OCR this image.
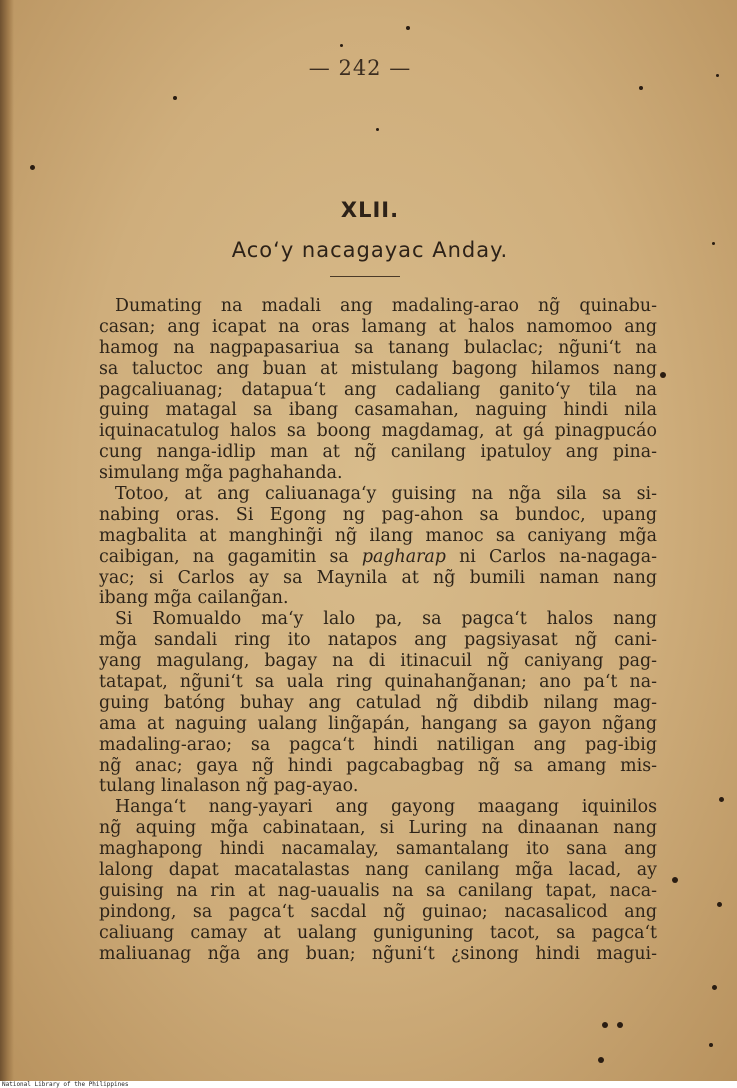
— 242 —
XLII.
Aco‘y nacagayac Anday.
Dumating na madali ang madaling-arao ng̃ quinabu-
casan; ang icapat na oras lamang at halos namomoo ang
hamog na nagpapasariua sa tanang bulaclac; ng̃uni‘t na
sa taluctoc ang buan at mistulang bagong hilamos nang
pagcaliuanag; datapua‘t ang cadaliang ganito‘y tila na
guing matagal sa ibang casamahan, naguing hindi nila
iquinacatulog halos sa boong magdamag, at gá pinagpucáo
cung nanga-idlip man at ng̃ canilang ipatuloy ang pina-
simulang mg̃a paghahanda.
Totoo, at ang caliuanaga‘y guising na ng̃a sila sa si-
nabing oras. Si Egong ng pag-ahon sa bundoc, upang
magbalita at manghing̃i ng̃ ilang manoc sa caniyang mg̃a
caibigan, na gagamitin sa pagharap ni Carlos na-nagaga-
yac; si Carlos ay sa Maynila at ng̃ bumili naman nang
ibang mg̃a cailang̃an.
Si Romualdo ma‘y lalo pa, sa pagca‘t halos nang
mg̃a sandali ring ito natapos ang pagsiyasat ng̃ cani-
yang magulang, bagay na di itinacuil ng̃ caniyang pag-
tatapat, ng̃uni‘t sa uala ring quinahang̃anan; ano pa‘t na-
guing batóng buhay ang catulad ng̃ dibdib nilang mag-
ama at naguing ualang ling̃apán, hangang sa gayon ng̃ang
madaling-arao; sa pagca‘t hindi natiligan ang pag-ibig
ng̃ anac; gaya ng̃ hindi pagcabagbag ng̃ sa amang mis-
tulang linalason ng̃ pag-ayao.
Hanga‘t nang-yayari ang gayong maagang iquinilos
ng̃ aquing mg̃a cabinataan, si Luring na dinaanan nang
maghapong hindi nacamalay, samantalang ito sana ang
lalong dapat macatalastas nang canilang mg̃a lacad, ay
guising na rin at nag-uaualis na sa canilang tapat, naca-
pindong, sa pagca‘t sacdal ng̃ guinao; nacasalicod ang
caliuang camay at ualang guniguning tacot, sa pagca‘t
maliuanag ng̃a ang buan; ng̃uni‘t ¿sinong hindi magui-
National Library of the Philippines
